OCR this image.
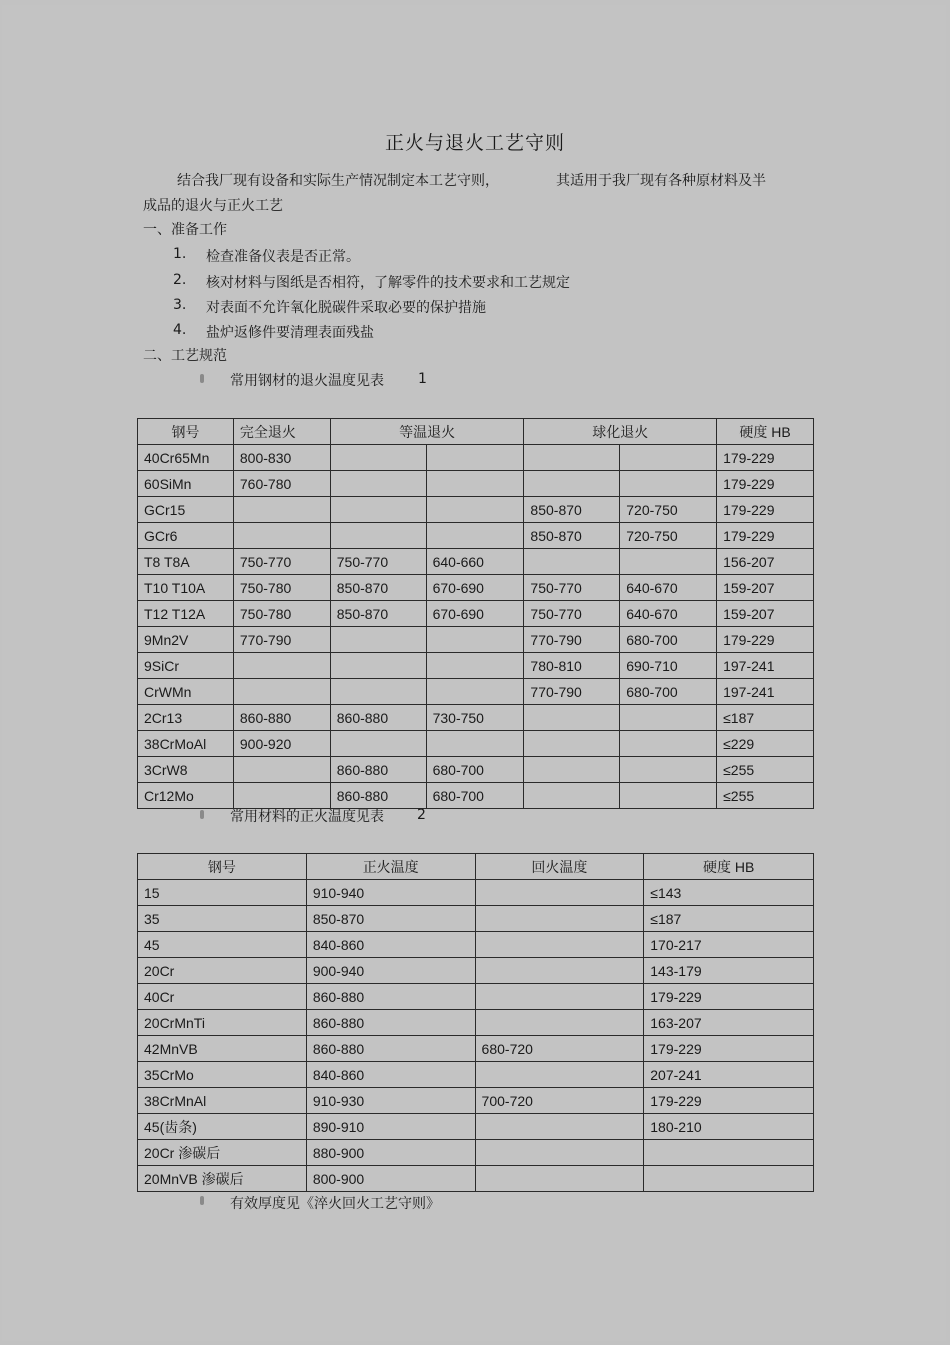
正火与退火工艺守则
结合我厂现有设备和实际生产情况制定本工艺守则，	其适用于我厂现有各种原材料及半
成品的退火与正火工艺
一、准备工作
1. 检查准备仪表是否正常。
2. 核对材料与图纸是否相符，了解零件的技术要求和工艺规定
3. 对表面不允许氧化脱碳件采取必要的保护措施
4. 盐炉返修件要清理表面残盐
二、工艺规范
常用钢材的退火温度见表 1
钢号	完全退火	等温退火		球化退火		硬度 HB
40Cr65Mn	800-830					179-229
60SiMn	760-780					179-229
GCr15				850-870	720-750	179-229
GCr6				850-870	720-750	179-229
T8 T8A	750-770	750-770	640-660			156-207
T10 T10A	750-780	850-870	670-690	750-770	640-670	159-207
T12 T12A	750-780	850-870	670-690	750-770	640-670	159-207
9Mn2V	770-790			770-790	680-700	179-229
9SiCr				780-810	690-710	197-241
CrWMn				770-790	680-700	197-241
2Cr13	860-880	860-880	730-750			≤187
38CrMoAl	900-920					≤229
3CrW8		860-880	680-700			≤255
Cr12Mo		860-880	680-700			≤255
常用材料的正火温度见表 2
钢号	正火温度	回火温度	硬度 HB
15	910-940		≤143
35	850-870		≤187
45	840-860		170-217
20Cr	900-940		143-179
40Cr	860-880		179-229
20CrMnTi	860-880		163-207
42MnVB	860-880	680-720	179-229
35CrMo	840-860		207-241
38CrMnAl	910-930	700-720	179-229
45(齿条)	890-910		180-210
20Cr 渗碳后	880-900		
20MnVB 渗碳后	800-900		
有效厚度见《淬火回火工艺守则》
